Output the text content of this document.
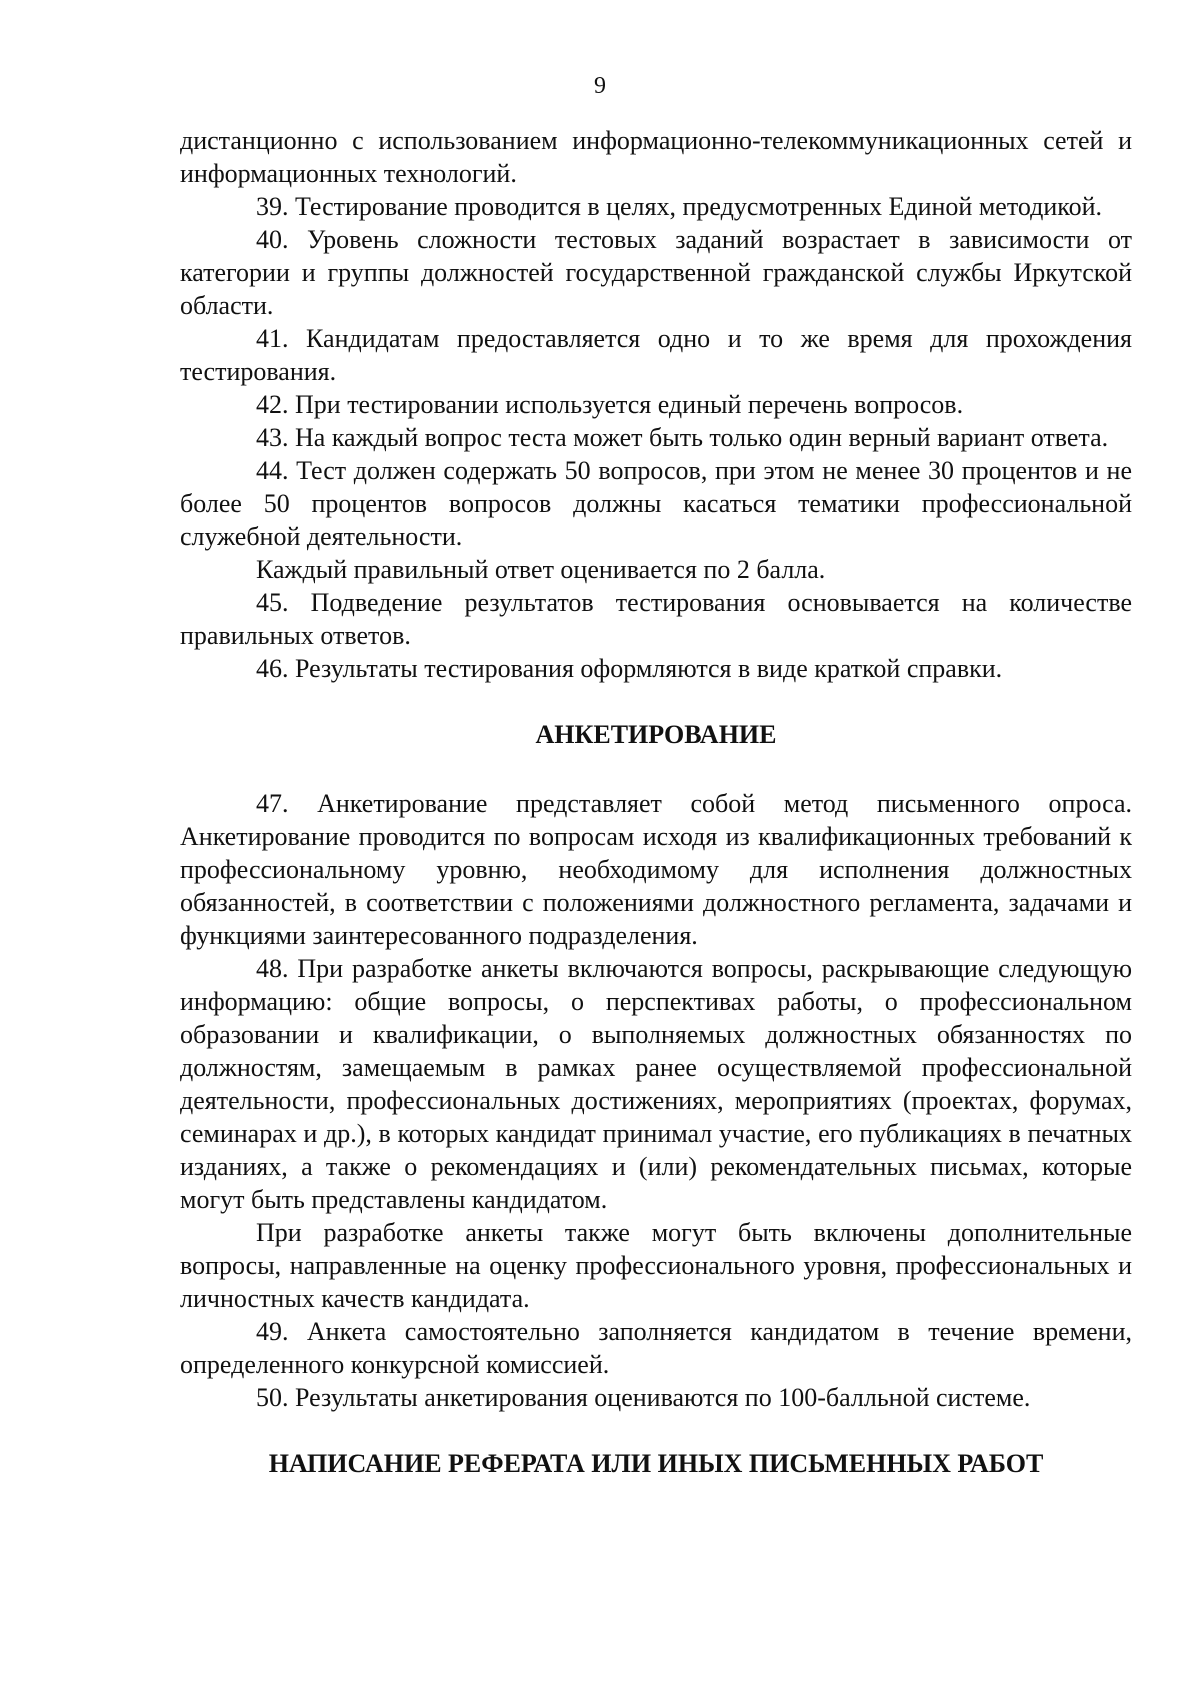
9

дистанционно с использованием информационно-телекоммуникационных сетей и информационных технологий.

39. Тестирование проводится в целях, предусмотренных Единой методикой.

40. Уровень сложности тестовых заданий возрастает в зависимости от категории и группы должностей государственной гражданской службы Иркутской области.

41. Кандидатам предоставляется одно и то же время для прохождения тестирования.

42. При тестировании используется единый перечень вопросов.

43. На каждый вопрос теста может быть только один верный вариант ответа.

44. Тест должен содержать 50 вопросов, при этом не менее 30 процентов и не более 50 процентов вопросов должны касаться тематики профессиональной служебной деятельности.

Каждый правильный ответ оценивается по 2 балла.

45. Подведение результатов тестирования основывается на количестве правильных ответов.

46. Результаты тестирования оформляются в виде краткой справки.

АНКЕТИРОВАНИЕ

47. Анкетирование представляет собой метод письменного опроса. Анкетирование проводится по вопросам исходя из квалификационных требований к профессиональному уровню, необходимому для исполнения должностных обязанностей, в соответствии с положениями должностного регламента, задачами и функциями заинтересованного подразделения.

48. При разработке анкеты включаются вопросы, раскрывающие следующую информацию: общие вопросы, о перспективах работы, о профессиональном образовании и квалификации, о выполняемых должностных обязанностях по должностям, замещаемым в рамках ранее осуществляемой профессиональной деятельности, профессиональных достижениях, мероприятиях (проектах, форумах, семинарах и др.), в которых кандидат принимал участие, его публикациях в печатных изданиях, а также о рекомендациях и (или) рекомендательных письмах, которые могут быть представлены кандидатом.

При разработке анкеты также могут быть включены дополнительные вопросы, направленные на оценку профессионального уровня, профессиональных и личностных качеств кандидата.

49. Анкета самостоятельно заполняется кандидатом в течение времени, определенного конкурсной комиссией.

50. Результаты анкетирования оцениваются по 100-балльной системе.

НАПИСАНИЕ РЕФЕРАТА ИЛИ ИНЫХ ПИСЬМЕННЫХ РАБОТ
